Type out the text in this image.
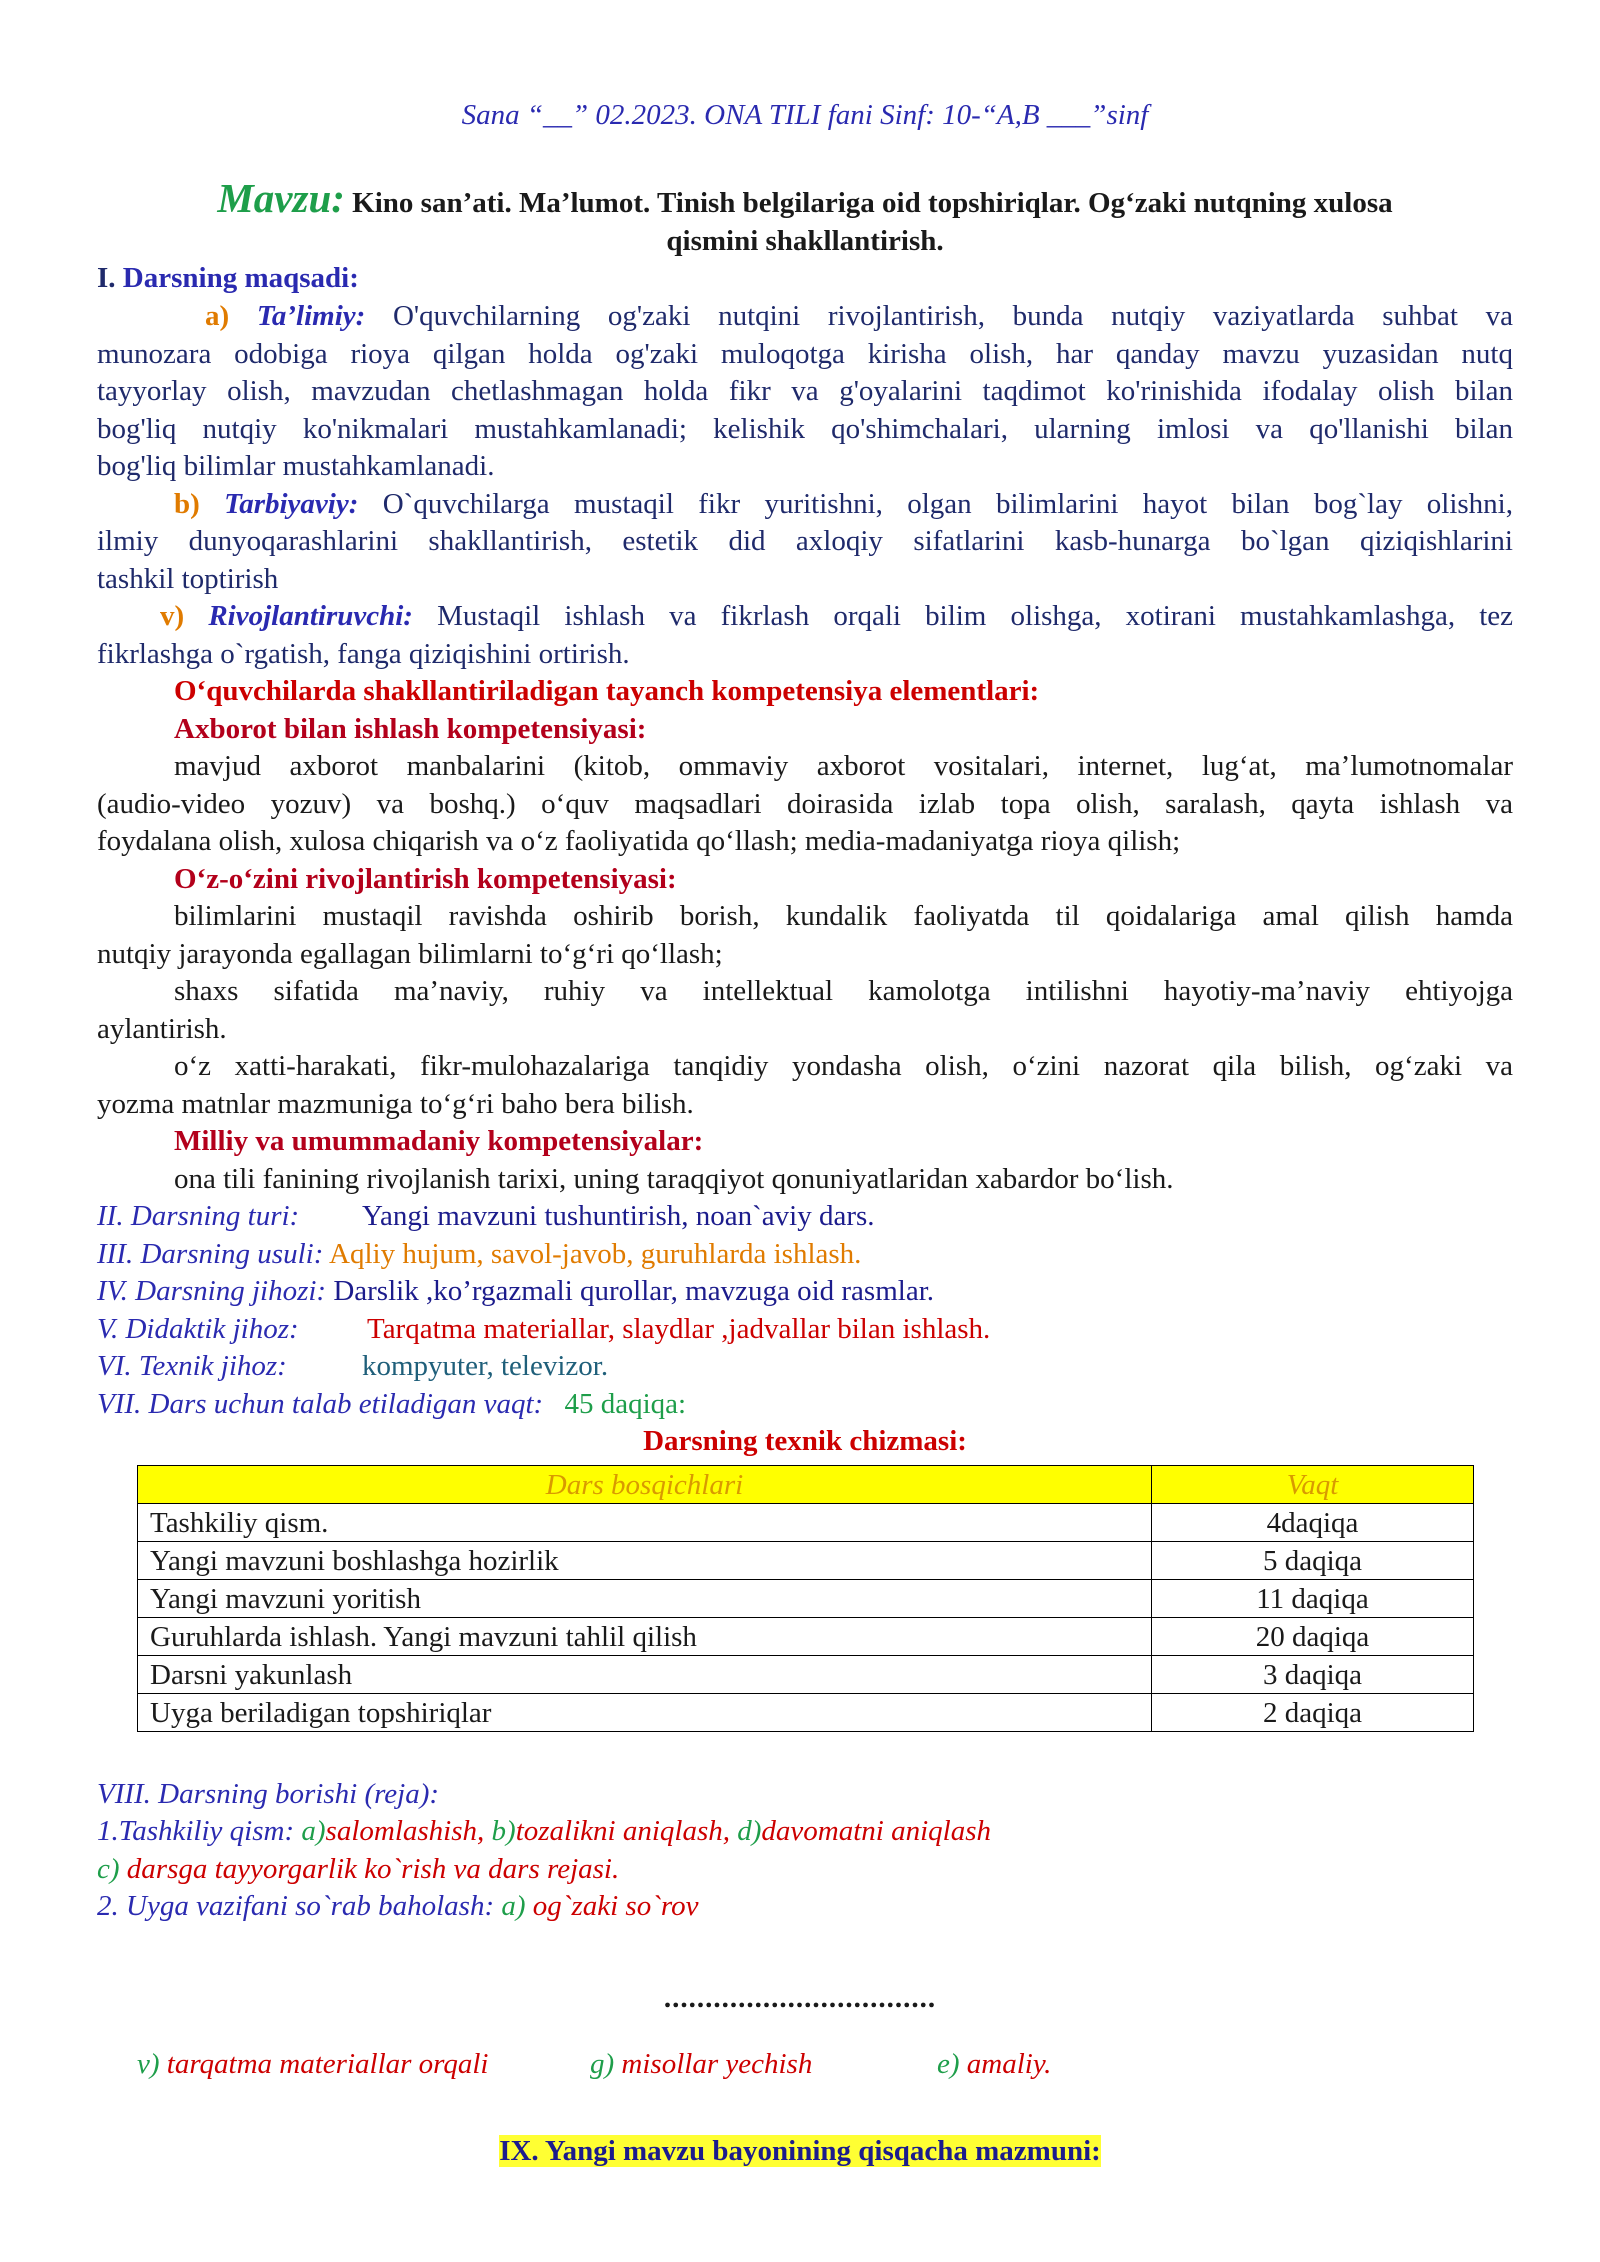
Sana “__” 02.2023. ONA TILI fani Sinf: 10-“A,B ___”sinf
Mavzu: Kino san’ati. Ma’lumot. Tinish belgilariga oid topshiriqlar. Og‘zaki nutqning xulosa
qismini shakllantirish.
I. Darsning maqsadi:
a) Ta’limiy: O'quvchilarning og'zaki nutqini rivojlantirish, bunda nutqiy vaziyatlarda suhbat va
munozara odobiga rioya qilgan holda og'zaki muloqotga kirisha olish, har qanday mavzu yuzasidan nutq
tayyorlay olish, mavzudan chetlashmagan holda fikr va g'oyalarini taqdimot ko'rinishida ifodalay olish bilan
bog'liq nutqiy ko'nikmalari mustahkamlanadi; kelishik qo'shimchalari, ularning imlosi va qo'llanishi bilan
bog'liq bilimlar mustahkamlanadi.
b) Tarbiyaviy: O`quvchilarga mustaqil fikr yuritishni, olgan bilimlarini hayot bilan bog`lay olishni,
ilmiy dunyoqarashlarini shakllantirish, estetik did axloqiy sifatlarini kasb-hunarga bo`lgan qiziqishlarini
tashkil toptirish
v) Rivojlantiruvchi: Mustaqil ishlash va fikrlash orqali bilim olishga, xotirani mustahkamlashga, tez
fikrlashga o`rgatish, fanga qiziqishini ortirish.
O‘quvchilarda shakllantiriladigan tayanch kompetensiya elementlari:
Axborot bilan ishlash kompetensiyasi:
mavjud axborot manbalarini (kitob, ommaviy axborot vositalari, internet, lug‘at, ma’lumotnomalar
(audio-video yozuv) va boshq.) o‘quv maqsadlari doirasida izlab topa olish, saralash, qayta ishlash va
foydalana olish, xulosa chiqarish va o‘z faoliyatida qo‘llash; media-madaniyatga rioya qilish;
O‘z-o‘zini rivojlantirish kompetensiyasi:
bilimlarini mustaqil ravishda oshirib borish, kundalik faoliyatda til qoidalariga amal qilish hamda
nutqiy jarayonda egallagan bilimlarni to‘g‘ri qo‘llash;
shaxs sifatida ma’naviy, ruhiy va intellektual kamolotga intilishni hayotiy-ma’naviy ehtiyojga
aylantirish.
o‘z xatti-harakati, fikr-mulohazalariga tanqidiy yondasha olish, o‘zini nazorat qila bilish, og‘zaki va
yozma matnlar mazmuniga to‘g‘ri baho bera bilish.
Milliy va umummadaniy kompetensiyalar:
ona tili fanining rivojlanish tarixi, uning taraqqiyot qonuniyatlaridan xabardor bo‘lish.
II. Darsning turi: Yangi mavzuni tushuntirish, noan`aviy dars.
III. Darsning usuli: Aqliy hujum, savol-javob, guruhlarda ishlash.
IV. Darsning jihozi: Darslik ,ko’rgazmali qurollar, mavzuga oid rasmlar.
V. Didaktik jihoz: Tarqatma materiallar, slaydlar ,jadvallar bilan ishlash.
VI. Texnik jihoz:	kompyuter, televizor.
VII. Dars uchun talab etiladigan vaqt: 45 daqiqa:
Darsning texnik chizmasi:
Dars bosqichlari	Vaqt
Tashkiliy qism.	4daqiqa
Yangi mavzuni boshlashga hozirlik	5 daqiqa
Yangi mavzuni yoritish	11 daqiqa
Guruhlarda ishlash. Yangi mavzuni tahlil qilish	20 daqiqa
Darsni yakunlash	3 daqiqa
Uyga beriladigan topshiriqlar	2 daqiqa
VIII. Darsning borishi (reja):
1.Tashkiliy qism: a)salomlashish, b)tozalikni aniqlash, d)davomatni aniqlash
c) darsga tayyorgarlik ko`rish va dars rejasi.
2. Uyga vazifani so`rab baholash: a) og`zaki so`rov
.................................
v) tarqatma materiallar orqali	g) misollar yechish	e) amaliy.
IX. Yangi mavzu bayonining qisqacha mazmuni:
